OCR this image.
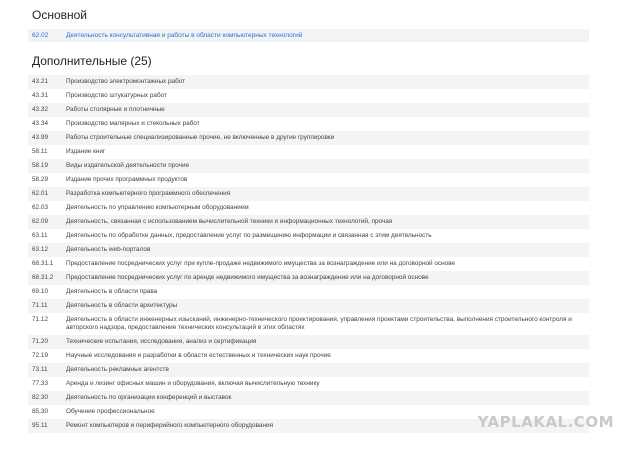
Основной
62.02	Деятельность консультативная и работы в области компьютерных технологий
Дополнительные (25)
43.21	Производство электромонтажных работ
43.31	Производство штукатурных работ
43.32	Работы столярные и плотничные
43.34	Производство малярных и стекольных работ
43.99	Работы строительные специализированные прочие, не включенные в другие группировки
58.11	Издание книг
58.19	Виды издательской деятельности прочие
58.29	Издание прочих программных продуктов
62.01	Разработка компьютерного программного обеспечения
62.03	Деятельность по управлению компьютерным оборудованием
62.09	Деятельность, связанная с использованием вычислительной техники и информационных технологий, прочая
63.11	Деятельность по обработке данных, предоставление услуг по размещению информации и связанная с этим деятельность
63.12	Деятельность web-порталов
68.31.1	Предоставление посреднических услуг при купле-продаже недвижимого имущества за вознаграждение или на договорной основе
68.31.2	Предоставление посреднических услуг по аренде недвижимого имущества за вознаграждение или на договорной основе
69.10	Деятельность в области права
71.11	Деятельность в области архитектуры
71.12	Деятельность в области инженерных изысканий, инженерно-технического проектирования, управления проектами строительства, выполнения строительного контроля и авторского надзора, предоставление технических консультаций в этих областях
71.20	Технические испытания, исследования, анализ и сертификация
72.19	Научные исследования и разработки в области естественных и технических наук прочие
73.11	Деятельность рекламных агентств
77.33	Аренда и лизинг офисных машин и оборудования, включая вычислительную технику
82.30	Деятельность по организации конференций и выставок
85.30	Обучение профессиональное
95.11	Ремонт компьютеров и периферийного компьютерного оборудования	YAPLAKAL.COM
